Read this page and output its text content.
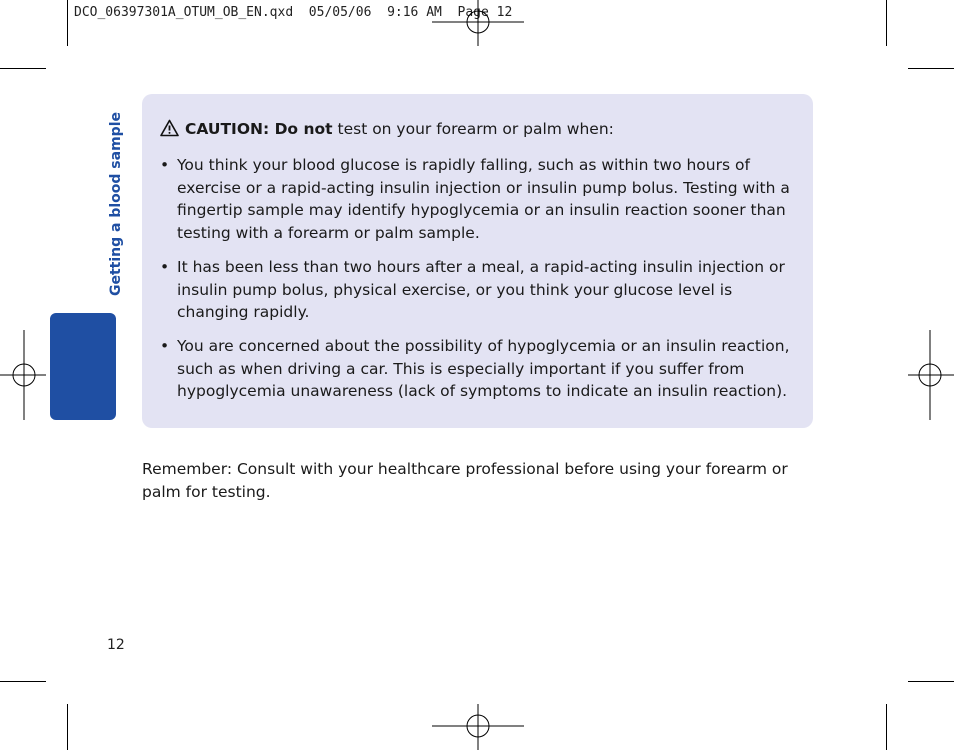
DCO_06397301A_OTUM_OB_EN.qxd  05/05/06  9:16 AM  Page 12
Getting a blood sample	CAUTION: Do not test on your forearm or palm when:
• You think your blood glucose is rapidly falling, such as within two hours of exercise or a rapid-acting insulin injection or insulin pump bolus. Testing with a fingertip sample may identify hypoglycemia or an insulin reaction sooner than testing with a forearm or palm sample.
• It has been less than two hours after a meal, a rapid-acting insulin injection or insulin pump bolus, physical exercise, or you think your glucose level is changing rapidly.
• You are concerned about the possibility of hypoglycemia or an insulin reaction, such as when driving a car. This is especially important if you suffer from hypoglycemia unawareness (lack of symptoms to indicate an insulin reaction).
Remember: Consult with your healthcare professional before using your forearm or palm for testing.
12
